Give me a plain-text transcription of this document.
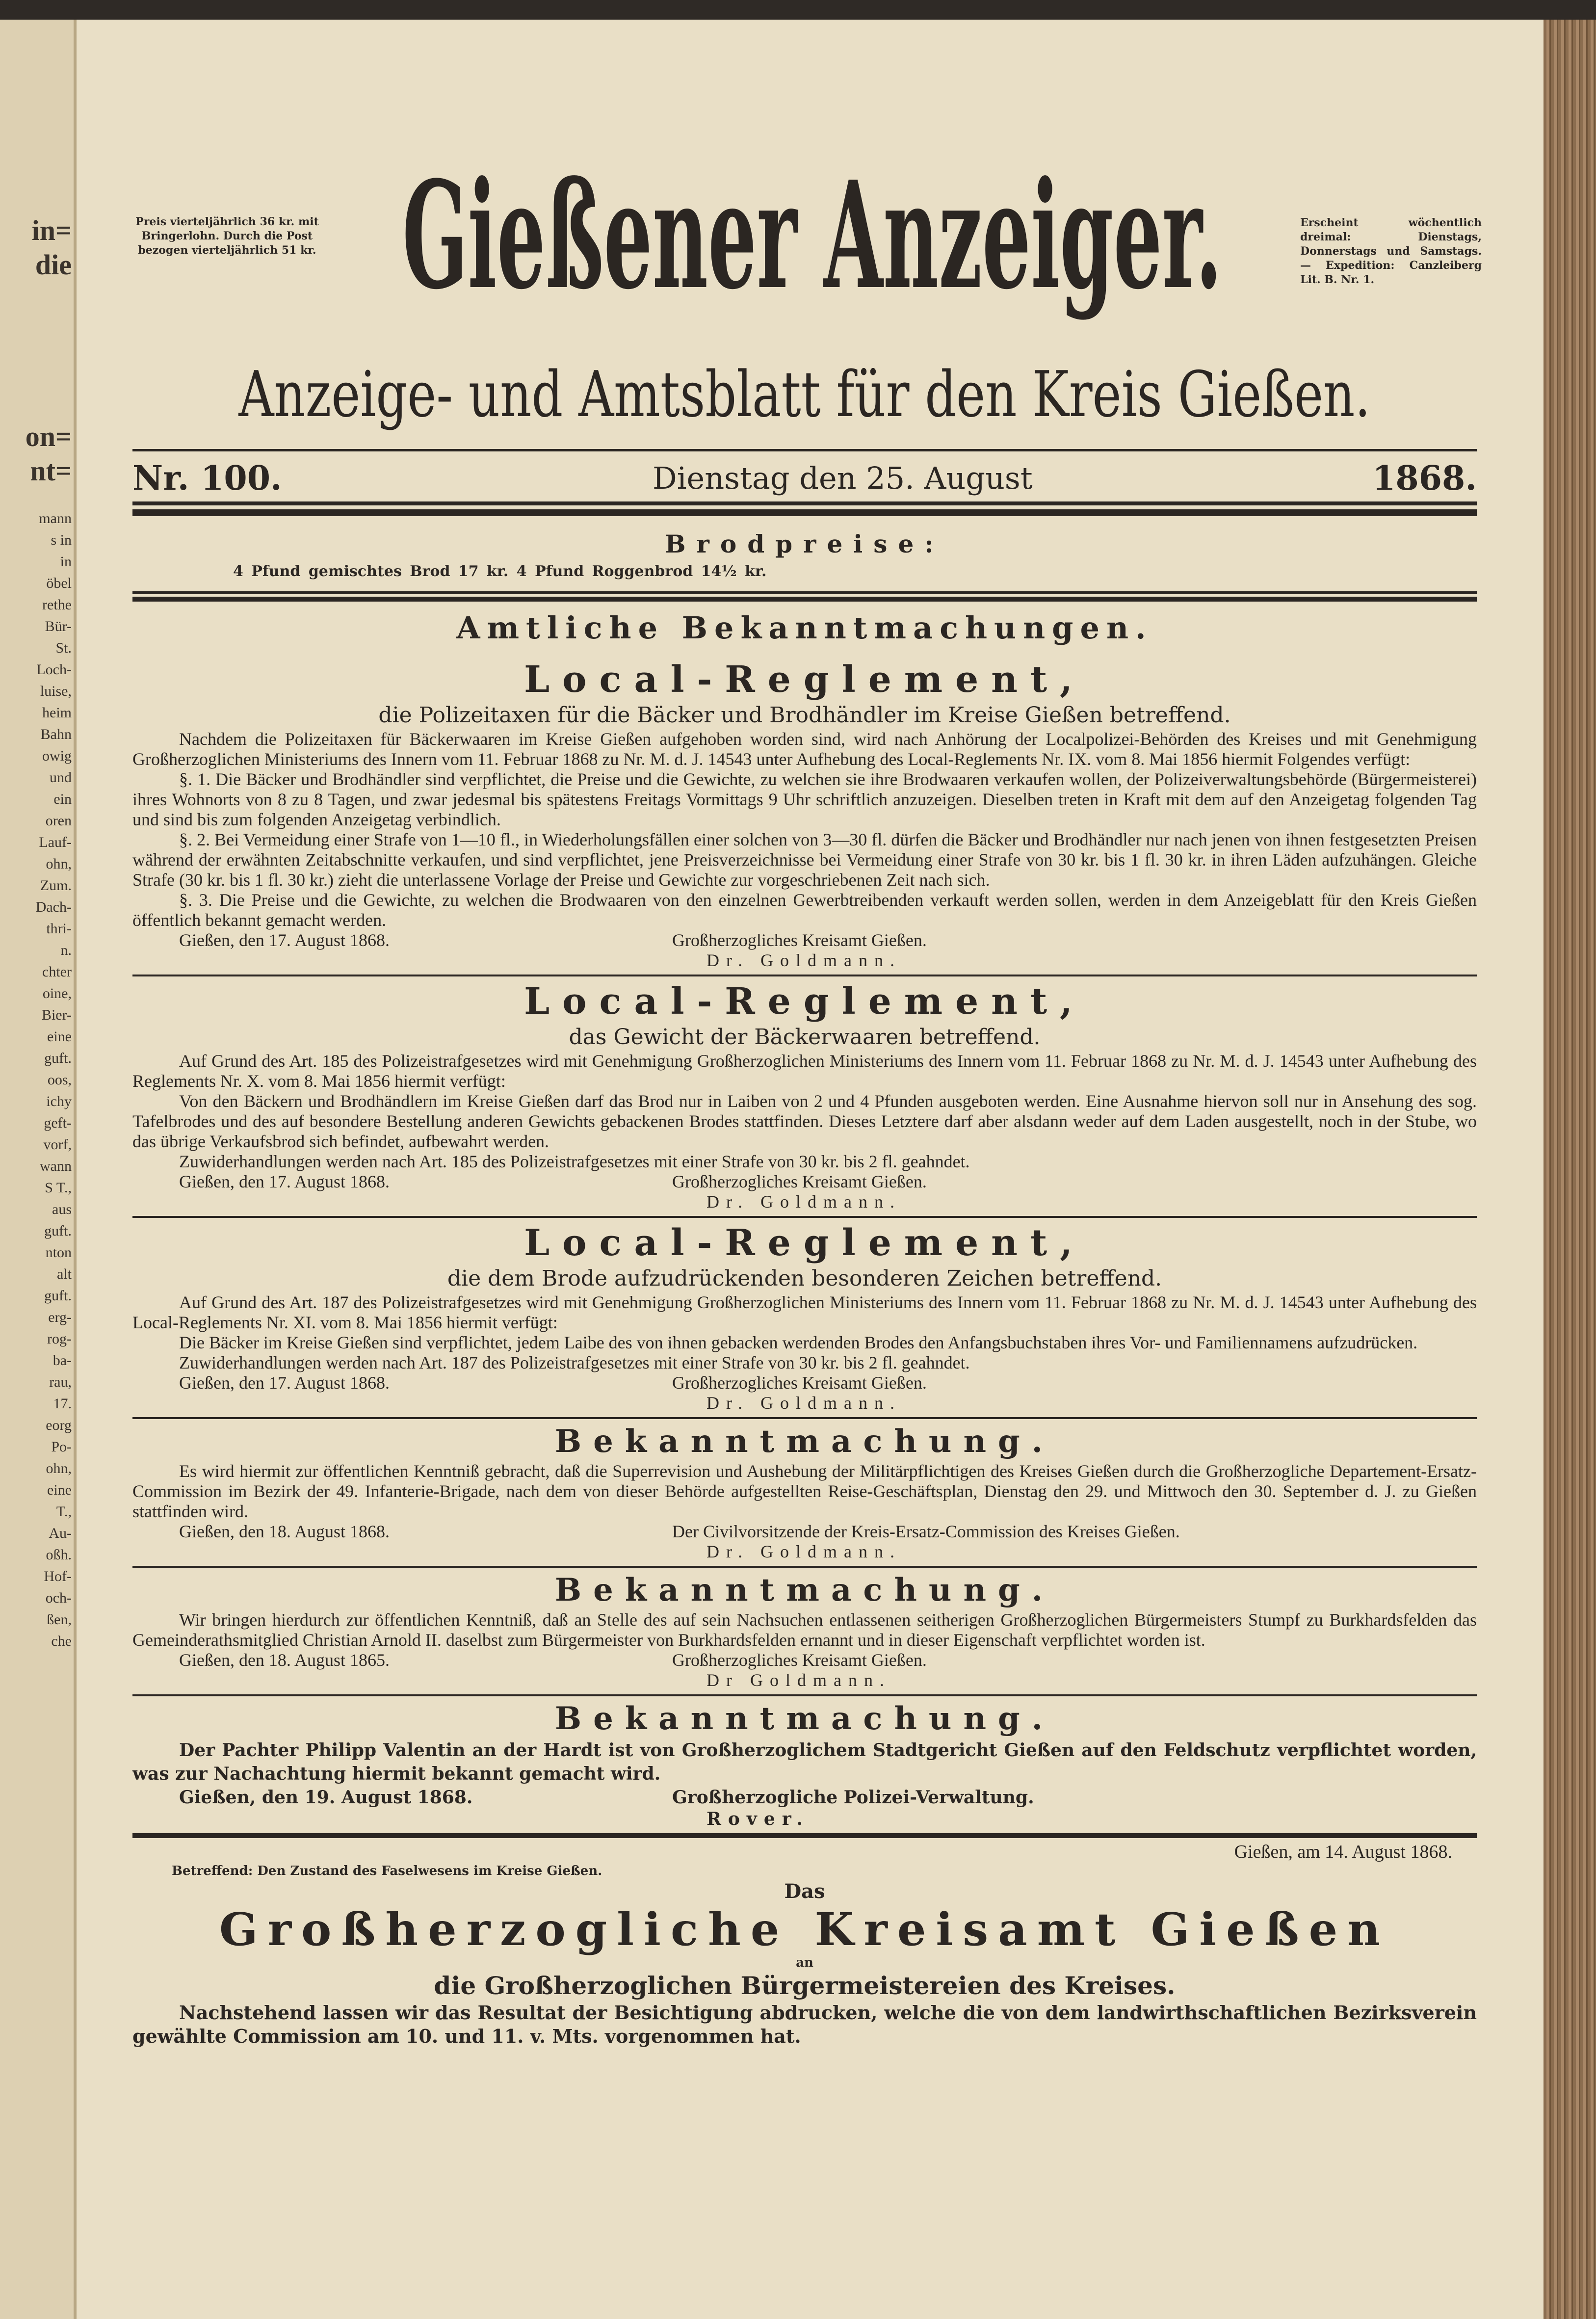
in=
die
on=
nt=
mann
s in
in
öbel
rethe
Bür-
St.
Loch-
luise,
heim
Bahn
owig
und
ein
oren
Lauf-
ohn,
Zum.
Dach-
thri-
n.
chter
oine,
Bier-
eine
guft.
oos,
ichy
geft-
vorf,
wann
S T.,
aus
guft.
nton
alt
guft.
erg-
rog-
ba-
rau,
17.
eorg
Po-
ohn,
eine
T.,
Au-
oßh.
Hof-
och-
ßen,
che
Preis vierteljährlich 36 kr. mit Bringerlohn. Durch die Post bezogen vierteljährlich 51 kr. Gießener Anzeiger.	Erscheint wöchentlich dreimal: Dienstags, Donnerstags und Samstags. — Expedition: Canzleiberg Lit. B. Nr. 1.
Anzeige- und Amtsblatt für den Kreis Gießen.
Nr. 100.	Dienstag den 25. August	1868.
Brodpreise:
4 Pfund gemischtes Brod 17 kr. 4 Pfund Roggenbrod 14½ kr.
Amtliche Bekanntmachungen.
Local-Reglement,
die Polizeitaxen für die Bäcker und Brodhändler im Kreise Gießen betreffend.

Nachdem die Polizeitaxen für Bäckerwaaren im Kreise Gießen aufgehoben worden sind, wird nach Anhörung der Localpolizei-Behörden des Kreises und mit Genehmigung Großherzoglichen Ministeriums des Innern vom 11. Februar 1868 zu Nr. M. d. J. 14543 unter Aufhebung des Local-Reglements Nr. IX. vom 8. Mai 1856 hiermit Folgendes verfügt:

§. 1. Die Bäcker und Brodhändler sind verpflichtet, die Preise und die Gewichte, zu welchen sie ihre Brodwaaren verkaufen wollen, der Polizeiverwaltungsbehörde (Bürgermeisterei) ihres Wohnorts von 8 zu 8 Tagen, und zwar jedesmal bis spätestens Freitags Vormittags 9 Uhr schriftlich anzuzeigen. Dieselben treten in Kraft mit dem auf den Anzeigetag folgenden Tag und sind bis zum folgenden Anzeigetag verbindlich.

§. 2. Bei Vermeidung einer Strafe von 1—10 fl., in Wiederholungsfällen einer solchen von 3—30 fl. dürfen die Bäcker und Brodhändler nur nach jenen von ihnen festgesetzten Preisen während der erwähnten Zeitabschnitte verkaufen, und sind verpflichtet, jene Preisverzeichnisse bei Vermeidung einer Strafe von 30 kr. bis 1 fl. 30 kr. in ihren Läden aufzuhängen. Gleiche Strafe (30 kr. bis 1 fl. 30 kr.) zieht die unterlassene Vorlage der Preise und Gewichte zur vorgeschriebenen Zeit nach sich.

§. 3. Die Preise und die Gewichte, zu welchen die Brodwaaren von den einzelnen Gewerbtreibenden verkauft werden sollen, werden in dem Anzeigeblatt für den Kreis Gießen öffentlich bekannt gemacht werden.

Gießen, den 17. August 1868.	Großherzogliches Kreisamt Gießen.
Dr. Goldmann.
Local-Reglement,
das Gewicht der Bäckerwaaren betreffend.

Auf Grund des Art. 185 des Polizeistrafgesetzes wird mit Genehmigung Großherzoglichen Ministeriums des Innern vom 11. Februar 1868 zu Nr. M. d. J. 14543 unter Aufhebung des Reglements Nr. X. vom 8. Mai 1856 hiermit verfügt:

Von den Bäckern und Brodhändlern im Kreise Gießen darf das Brod nur in Laiben von 2 und 4 Pfunden ausgeboten werden. Eine Ausnahme hiervon soll nur in Ansehung des sog. Tafelbrodes und des auf besondere Bestellung anderen Gewichts gebackenen Brodes stattfinden. Dieses Letztere darf aber alsdann weder auf dem Laden ausgestellt, noch in der Stube, wo das übrige Verkaufsbrod sich befindet, aufbewahrt werden.

Zuwiderhandlungen werden nach Art. 185 des Polizeistrafgesetzes mit einer Strafe von 30 kr. bis 2 fl. geahndet.

Gießen, den 17. August 1868.	Großherzogliches Kreisamt Gießen.
Dr. Goldmann.
Local-Reglement,
die dem Brode aufzudrückenden besonderen Zeichen betreffend.

Auf Grund des Art. 187 des Polizeistrafgesetzes wird mit Genehmigung Großherzoglichen Ministeriums des Innern vom 11. Februar 1868 zu Nr. M. d. J. 14543 unter Aufhebung des Local-Reglements Nr. XI. vom 8. Mai 1856 hiermit verfügt:

Die Bäcker im Kreise Gießen sind verpflichtet, jedem Laibe des von ihnen gebacken werdenden Brodes den Anfangsbuchstaben ihres Vor- und Familiennamens aufzudrücken.

Zuwiderhandlungen werden nach Art. 187 des Polizeistrafgesetzes mit einer Strafe von 30 kr. bis 2 fl. geahndet.

Gießen, den 17. August 1868.	Großherzogliches Kreisamt Gießen.
Dr. Goldmann.
Bekanntmachung.

Es wird hiermit zur öffentlichen Kenntniß gebracht, daß die Superrevision und Aushebung der Militärpflichtigen des Kreises Gießen durch die Großherzogliche Departement-Ersatz-Commission im Bezirk der 49. Infanterie-Brigade, nach dem von dieser Behörde aufgestellten Reise-Geschäftsplan, Dienstag den 29. und Mittwoch den 30. September d. J. zu Gießen stattfinden wird.

Gießen, den 18. August 1868.	Der Civilvorsitzende der Kreis-Ersatz-Commission des Kreises Gießen.
Dr. Goldmann.
Bekanntmachung.

Wir bringen hierdurch zur öffentlichen Kenntniß, daß an Stelle des auf sein Nachsuchen entlassenen seitherigen Großherzoglichen Bürgermeisters Stumpf zu Burkhardsfelden das Gemeinderathsmitglied Christian Arnold II. daselbst zum Bürgermeister von Burkhardsfelden ernannt und in dieser Eigenschaft verpflichtet worden ist.

Gießen, den 18. August 1865.	Großherzogliches Kreisamt Gießen.
Dr Goldmann.
Bekanntmachung.

Der Pachter Philipp Valentin an der Hardt ist von Großherzoglichem Stadtgericht Gießen auf den Feldschutz verpflichtet worden, was zur Nachachtung hiermit bekannt gemacht wird.

Gießen, den 19. August 1868.	Großherzogliche Polizei-Verwaltung.
Rover.
Gießen, am 14. August 1868.
Betreffend: Den Zustand des Faselwesens im Kreise Gießen.
Das
Großherzogliche Kreisamt Gießen
an
die Großherzoglichen Bürgermeistereien des Kreises.
Nachstehend lassen wir das Resultat der Besichtigung abdrucken, welche die von dem landwirthschaftlichen Bezirksverein gewählte Commission am 10. und 11. v. Mts. vorgenommen hat.
